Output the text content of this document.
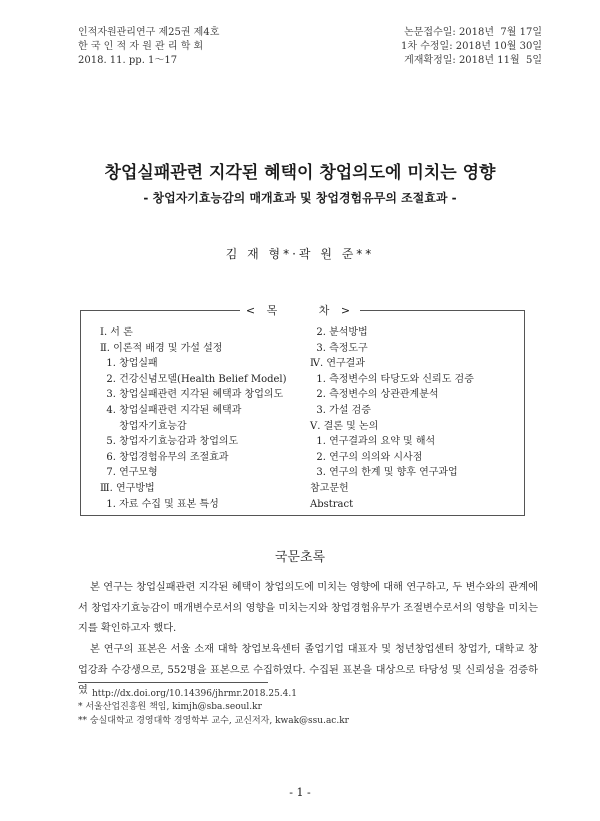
인적자원관리연구 제25권 제4호
한 국 인 적 자 원 관 리 학 회
2018. 11. pp. 1～17
논문접수일: 2018년  7월 17일
1차 수정일: 2018년 10월 30일
게재확정일: 2018년 11월  5일
창업실패관련 지각된 혜택이 창업의도에 미치는 영향
- 창업자기효능감의 매개효과 및 창업경험유무의 조절효과 -
김 재 형*·곽 원 준**
< 목     차 >
Ⅰ. 서 론
Ⅱ. 이론적 배경 및 가설 설정
1. 창업실패
2. 건강신념모델(Health Belief Model)
3. 창업실패관련 지각된 혜택과 창업의도
4. 창업실패관련 지각된 혜택과
창업자기효능감
5. 창업자기효능감과 창업의도
6. 창업경험유무의 조절효과
7. 연구모형
Ⅲ. 연구방법
1. 자료 수집 및 표본 특성
2. 분석방법
3. 측정도구
Ⅳ. 연구결과
1. 측정변수의 타당도와 신뢰도 검증
2. 측정변수의 상관관계분석
3. 가설 검증
Ⅴ. 결론 및 논의
1. 연구결과의 요약 및 해석
2. 연구의 의의와 시사점
3. 연구의 한계 및 향후 연구과업
참고문헌
Abstract
국문초록

본 연구는 창업실패관련 지각된 혜택이 창업의도에 미치는 영향에 대해 연구하고, 두 변수와의 관계에서 창업자기효능감이 매개변수로서의 영향을 미치는지와 창업경험유무가 조절변수로서의 영향을 미치는지를 확인하고자 했다.

본 연구의 표본은 서울 소재 대학 창업보육센터 졸업기업 대표자 및 청년창업센터 창업가, 대학교 창업강좌 수강생으로, 552명을 표본으로 수집하였다. 수집된 표본을 대상으로 타당성 및 신뢰성을 검증하였 http://dx.doi.org/10.14396/jhrmr.2018.25.4.1
* 서울산업진흥원 책임, kimjh@sba.seoul.kr
** 숭실대학교 경영대학 경영학부 교수, 교신저자, kwak@ssu.ac.kr
- 1 -
